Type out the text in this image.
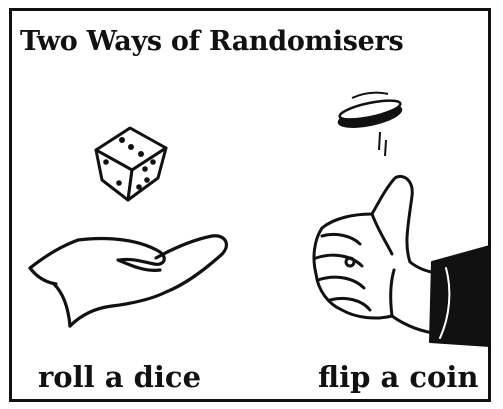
Two Ways of Randomisers
roll a dice	flip a coin
